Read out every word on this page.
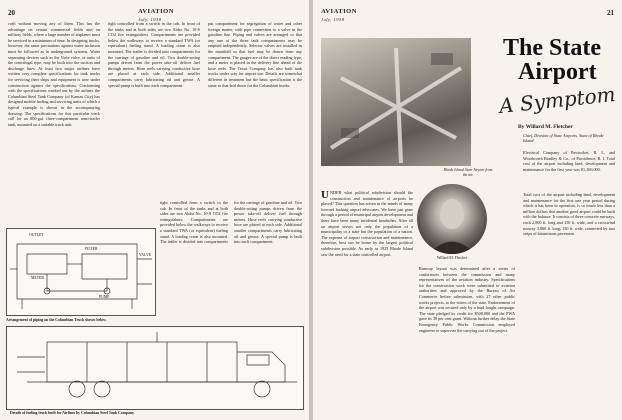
20	AVIATION
July, 1938

craft without moving any of them. This has the advantage on certain commercial fields and on military fields, where a large number of airplanes must be serviced in a minimum of time. In designing trucks, however, the same precautions against water inclusion must be followed as in underground systems. Water separating devices such as the Viele valve, or units of the centrifugal type, may be built into the suction and discharge lines. At least two major airlines have written very complete specifications for tank trucks for servicing their ships and equipment is now under construction against the specifications. Conforming with the specifications worked out by the airlines the Columbian Steel Tank Company (of Kansas City) has designed mobile fueling and servicing units of which a typical example is shown in the accompanying drawing. The specifications for this particular truck call for an 800-gal. three-compartment semi-trailer tank, mounted on a suitable truck unit.

tight controlled from a switch in the cab. In front of the tanks and at both sides are two Aldro No. 10-S CO2 fire extinguishers. Compartments are provided below the walkways to receive a standard TWA (or equivalent) fueling stand. A loading crane is also mounted. The trailer is divided into compartments for the carriage of gasoline and oil. Two double-acting pumps driven from the power take-off deliver fuel through meters. Hose reels carrying conductive hose are placed at each side. Additional smaller compartments carry lubricating oil and grease. A special pump is built into each compartment.

put compartment for segregation of water and other foreign matter, with pipe connection to a valve in the gasoline line. Piping and valves are arranged so that any one of the three tank compartments may be emptied independently. Selector valves are installed in the manifold so that fuel may be drawn from any compartment. The gauges are of the direct reading type, and a meter is placed in the delivery line ahead of the hose reels. The Texas Company has also built tank trucks under way for airport use. Details are somewhat different in treatment but the basic specification is the same as that laid down for the Columbian trucks.

OUTLET
FILTER
METER
PUMP
VALVE
Arrangement of piping on the Columbian Truck shown below.
Details of fueling truck built for Airlines by Columbian Steel Tank Company.

tight controlled from a switch in the cab. In front of the tanks and at both sides are two Aldro No. 10-S CO2 fire extinguishers. Compartments are provided below the walkways to receive a standard TWA (or equivalent) fueling stand. A loading crane is also mounted. The trailer is divided into compartments for the carriage of gasoline and oil. Two double-acting pumps driven from the power take-off deliver fuel through meters. Hose reels carrying conductive hose are placed at each side. Additional smaller compartments carry lubricating oil and grease. A special pump is built into each compartment.

AVIATION
July, 1938
21
Rhode Island State Airport from the air.
The State
Airport
A Symptom
By Willard M. Fletcher
Chief, Division of State Airports, State of Rhode Island

UNDER what political subdivision should the construction and maintenance of airports be placed? This question has arisen in the minds of many forward looking airport advocates. We have just gone through a period of municipal airport development and there have been many incidental headaches. After all an airport serves not only the population of a municipality or a state but the population of a nation. The expense of airport construction and maintenance, therefore, best can be borne by the largest political subdivision possible. As early as 1923 Rhode Island saw the need for a state controlled airport.

Willard M. Fletcher

Runway layout was determined after a series of conferences between the commission and many representatives of the aviation industry. Specifications for the construction work were submitted to aviation authorities and approved by the Bureau of Air Commerce before submission, with 27 other public works projects, to the voters of the state. Endorsement of the airport was secured only by a hard fought campaign. The state pledged its credit for $500,000 and the PWA gave its 30 per cent grant. Without further delay the State Emergency Public Works Commission employed engineers to supervise the carrying out of the project.

Electrical Company of Pawtucket, R. I., and Woodworth Bradley & Co., of Providence, R. I. Total cost of the airport including land, development and maintenance for the first year was $1,100,000.

Total cost of the airport including land, development and maintenance for the first one year period during which it has been in operation, is so much less than a million dollars that another good airport could be built with the balance. It consists of three concrete runways, each 2,800 ft. long and 150 ft. wide, and a crosswind runway 3,800 ft. long, 150 ft. wide, connected by taxi strips of bituminous pavement.
